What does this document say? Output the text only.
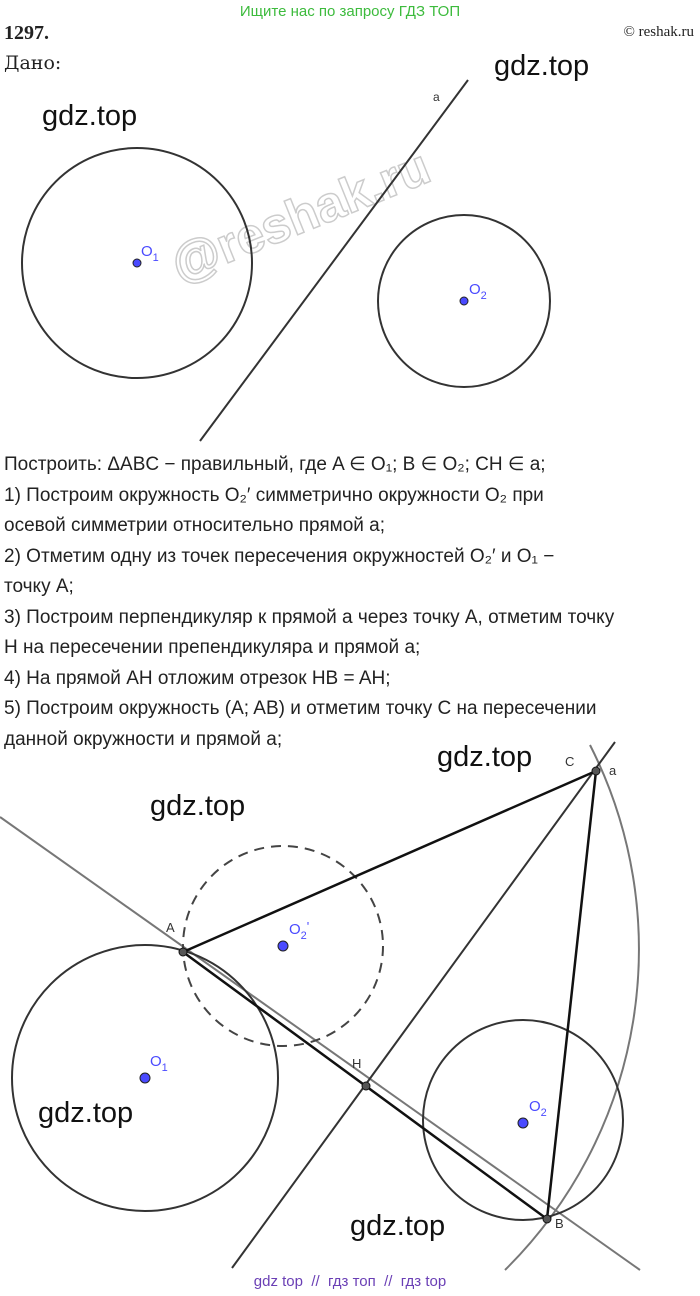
Ищите нас по запросу ГДЗ ТОП
1297.	© reshak.ru
Дано:
@reshak.ru
a
$O_1$
$O_2$
gdz.top
gdz.top

Построить: ΔABC − правильный, где A ∈ O₁; B ∈ O₂; CH ∈ a;

1) Построим окружность O₂′ симметрично окружности O₂ при

осевой симметрии относительно прямой a;

2) Отметим одну из точек пересечения окружностей O₂′ и O₁ −

точку A;

3) Построим перпендикуляр к прямой a через точку A, отметим точку

H на пересечении препендикуляра и прямой a;

4) На прямой AH отложим отрезок HB = AH;

5) Построим окружность (A; AB) и отметим точку C на пересечении

данной окружности и прямой a;

A
H
B
C
a
$O_1$
$O_2$
$O_2'$
gdz.top
gdz.top
gdz.top
gdz.top
gdz top  //  гдз топ  //  гдз top
